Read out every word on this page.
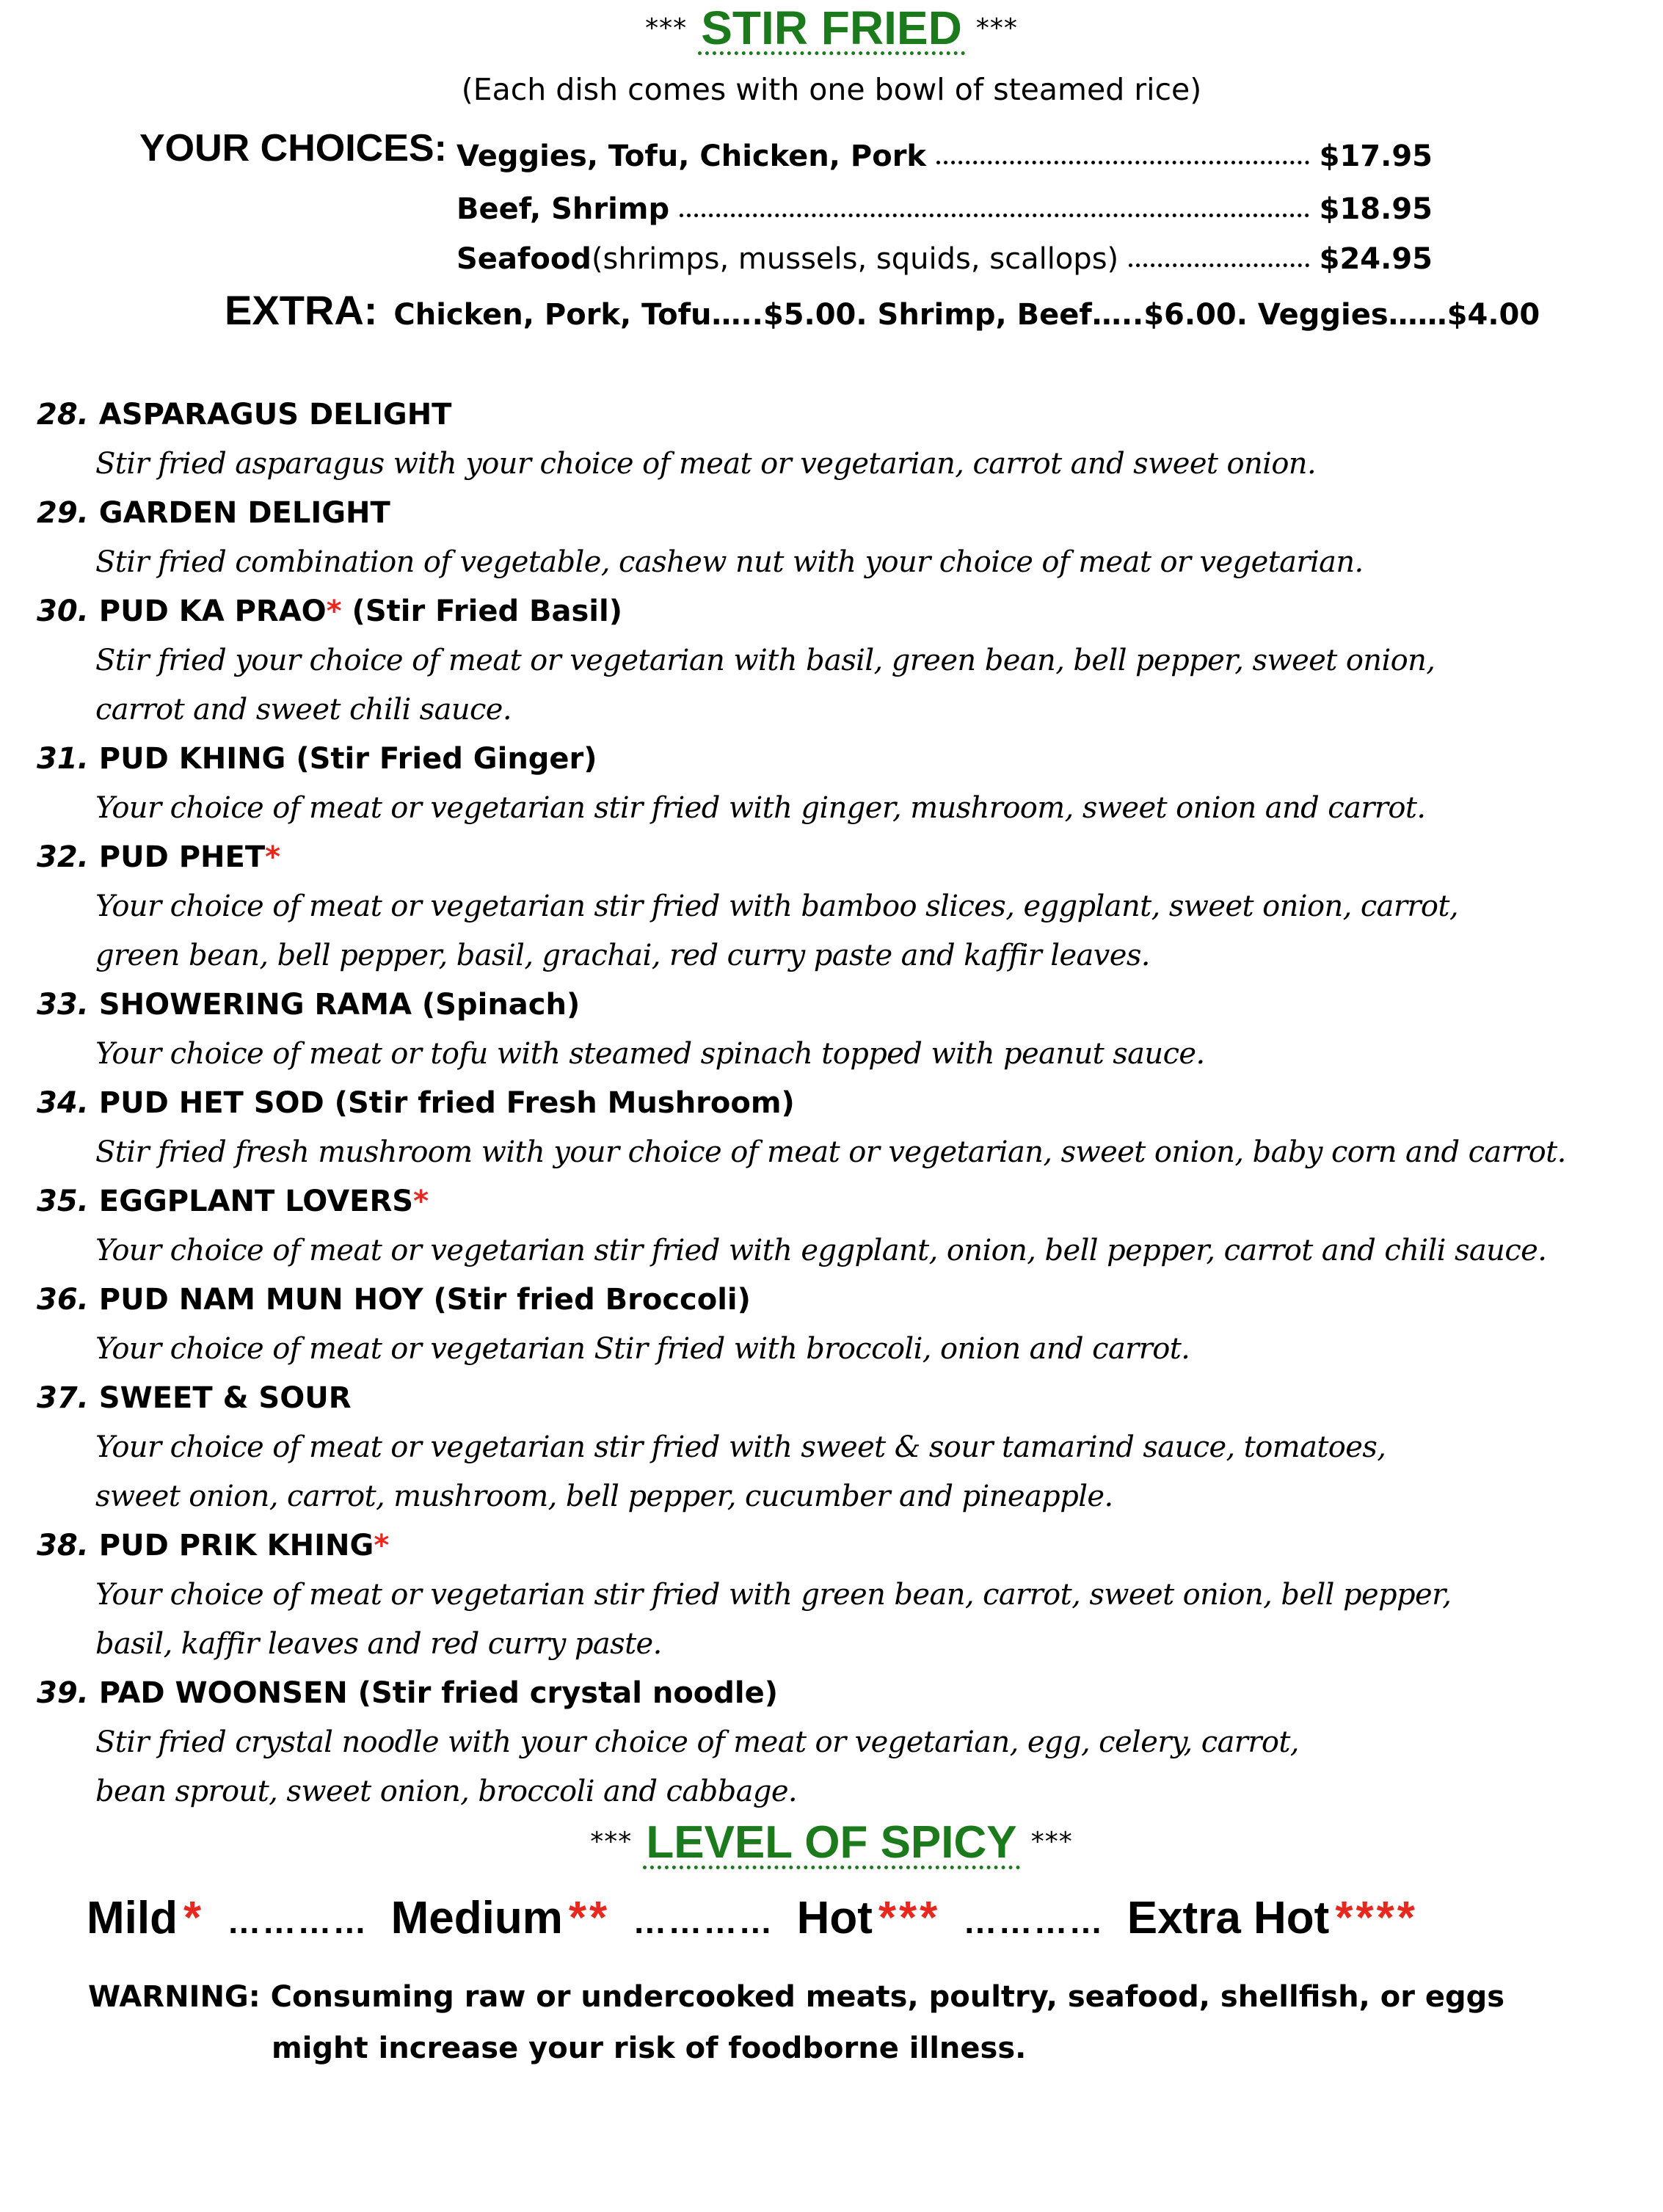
*** STIR FRIED ***
(Each dish comes with one bowl of steamed rice)
YOUR CHOICES: Veggies, Tofu, Chicken, Pork	$17.95
Beef, Shrimp	$18.95
Seafood (shrimps, mussels, squids, scallops)	$24.95
EXTRA: Chicken, Pork, Tofu…..$5.00. Shrimp, Beef…..$6.00. Veggies……$4.00
28. ASPARAGUS DELIGHT
Stir fried asparagus with your choice of meat or vegetarian, carrot and sweet onion.
29. GARDEN DELIGHT
Stir fried combination of vegetable, cashew nut with your choice of meat or vegetarian.
30. PUD KA PRAO* (Stir Fried Basil)
Stir fried your choice of meat or vegetarian with basil, green bean, bell pepper, sweet onion,
carrot and sweet chili sauce.
31. PUD KHING (Stir Fried Ginger)
Your choice of meat or vegetarian stir fried with ginger, mushroom, sweet onion and carrot.
32. PUD PHET*
Your choice of meat or vegetarian stir fried with bamboo slices, eggplant, sweet onion, carrot,
green bean, bell pepper, basil, grachai, red curry paste and kaffir leaves.
33. SHOWERING RAMA (Spinach)
Your choice of meat or tofu with steamed spinach topped with peanut sauce.
34. PUD HET SOD (Stir fried Fresh Mushroom)
Stir fried fresh mushroom with your choice of meat or vegetarian, sweet onion, baby corn and carrot.
35. EGGPLANT LOVERS*
Your choice of meat or vegetarian stir fried with eggplant, onion, bell pepper, carrot and chili sauce.
36. PUD NAM MUN HOY (Stir fried Broccoli)
Your choice of meat or vegetarian Stir fried with broccoli, onion and carrot.
37. SWEET & SOUR
Your choice of meat or vegetarian stir fried with sweet & sour tamarind sauce, tomatoes,
sweet onion, carrot, mushroom, bell pepper, cucumber and pineapple.
38. PUD PRIK KHING*
Your choice of meat or vegetarian stir fried with green bean, carrot, sweet onion, bell pepper,
basil, kaffir leaves and red curry paste.
39. PAD WOONSEN (Stir fried crystal noodle)
Stir fried crystal noodle with your choice of meat or vegetarian, egg, celery, carrot,
bean sprout, sweet onion, broccoli and cabbage.
*** LEVEL OF SPICY ***
Mild * ………… Medium ** ………… Hot *** ………… Extra Hot ****
WARNING: Consuming raw or undercooked meats, poultry, seafood, shellfish, or eggs
might increase your risk of foodborne illness.
